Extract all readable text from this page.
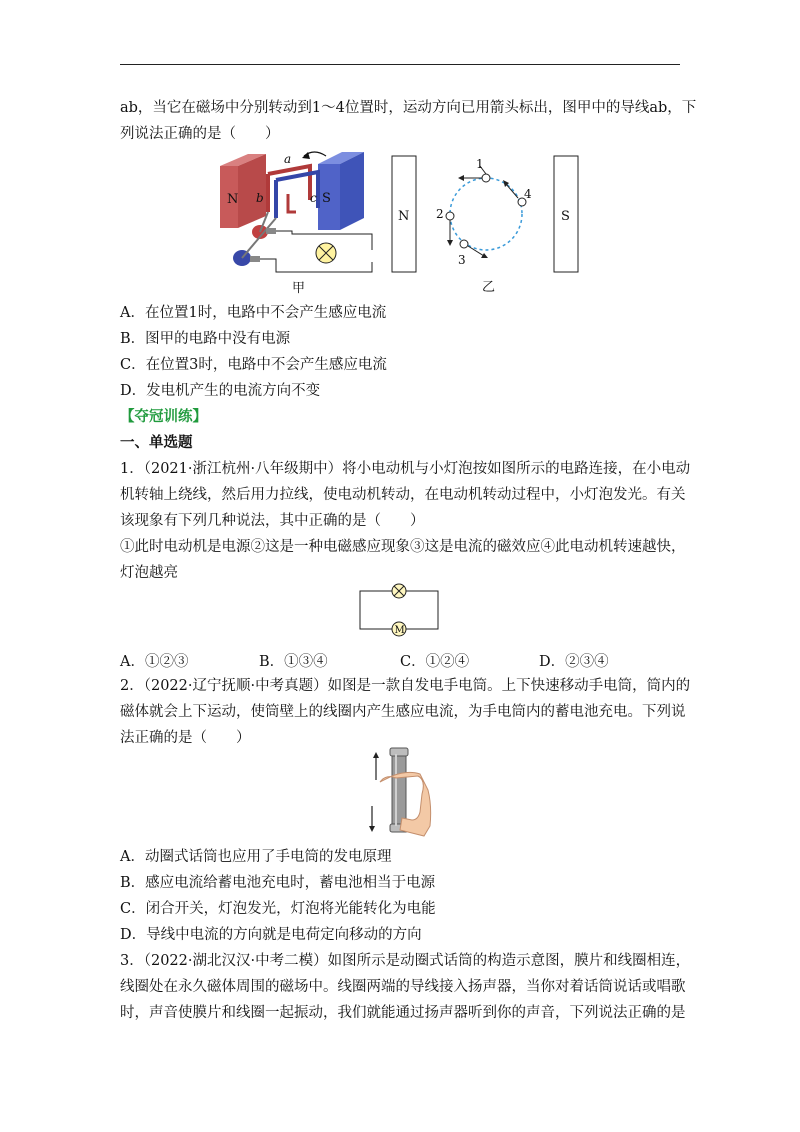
ab，当它在磁场中分别转动到1～4位置时，运动方向已用箭头标出，图甲中的导线ab，下
列说法正确的是（　　）
N	S
a
b	c
甲
N	S
1
4
2
3
乙
A．在位置1时，电路中不会产生感应电流
B．图甲的电路中没有电源
C．在位置3时，电路中不会产生感应电流
D．发电机产生的电流方向不变
【夺冠训练】
一、单选题
1．（2021·浙江杭州·八年级期中）将小电动机与小灯泡按如图所示的电路连接，在小电动
机转轴上绕线，然后用力拉线，使电动机转动，在电动机转动过程中，小灯泡发光。有关
该现象有下列几种说法，其中正确的是（　　）
①此时电动机是电源②这是一种电磁感应现象③这是电流的磁效应④此电动机转速越快，
灯泡越亮
M
A．①②③	B．①③④	C．①②④	D．②③④
2．（2022·辽宁抚顺·中考真题）如图是一款自发电手电筒。上下快速移动手电筒，筒内的
磁体就会上下运动，使筒壁上的线圈内产生感应电流，为手电筒内的蓄电池充电。下列说
法正确的是（　　）
A．动圈式话筒也应用了手电筒的发电原理
B．感应电流给蓄电池充电时，蓄电池相当于电源
C．闭合开关，灯泡发光，灯泡将光能转化为电能
D．导线中电流的方向就是电荷定向移动的方向
3．（2022·湖北汉汉·中考二模）如图所示是动圈式话筒的构造示意图，膜片和线圈相连，
线圈处在永久磁体周围的磁场中。线圈两端的导线接入扬声器，当你对着话筒说话或唱歌
时，声音使膜片和线圈一起振动，我们就能通过扬声器听到你的声音，下列说法正确的是
